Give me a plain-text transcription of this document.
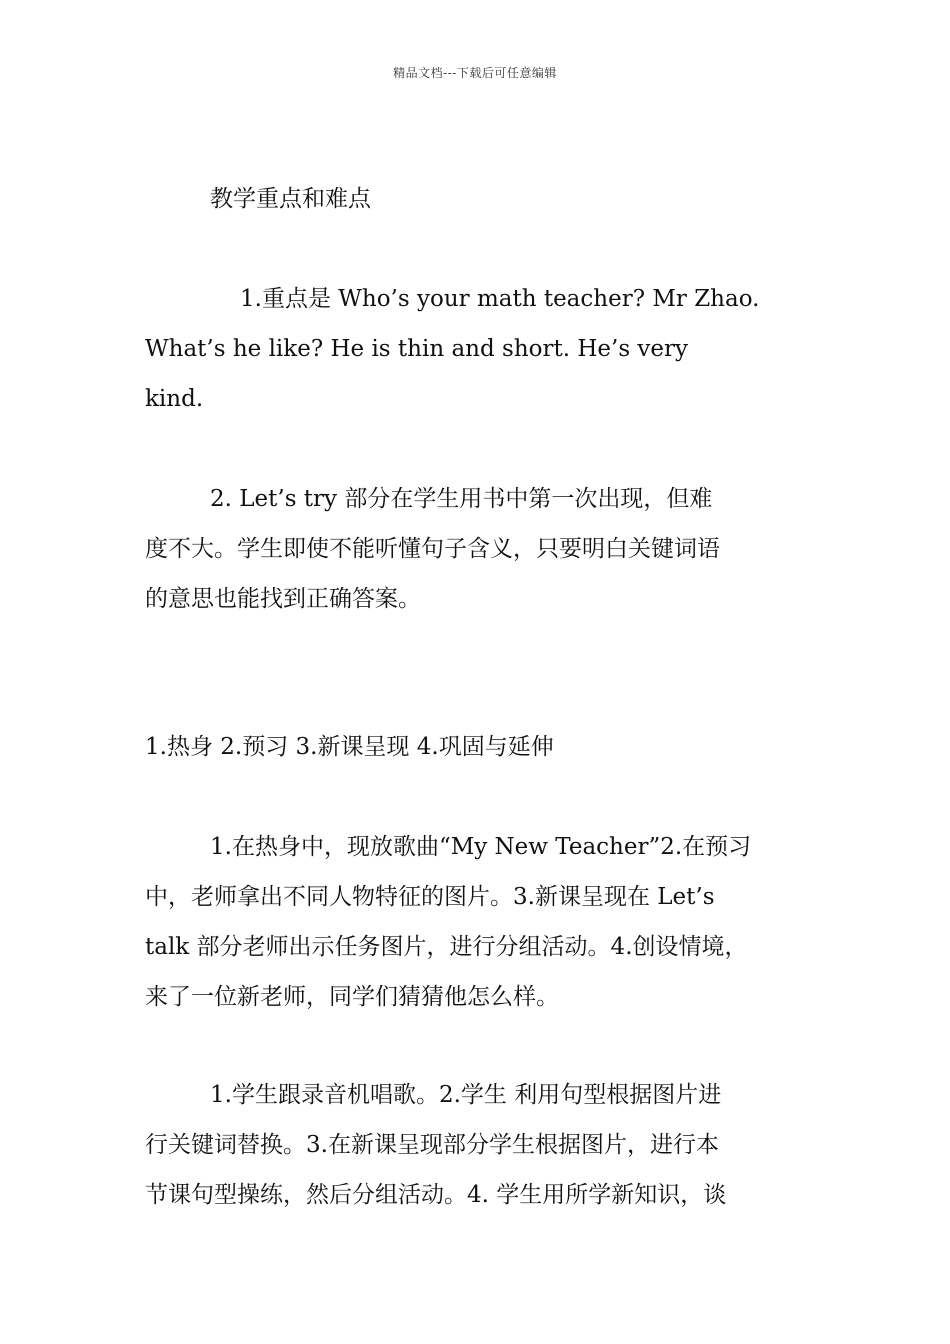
精品文档---下载后可任意编辑
教学重点和难点
1.重点是 Who’s your math teacher? Mr Zhao.
What’s he like? He is thin and short. He’s very
kind.
2. Let’s try 部分在学生用书中第一次出现，但难
度不大。学生即使不能听懂句子含义，只要明白关键词语
的意思也能找到正确答案。
1.热身 2.预习 3.新课呈现 4.巩固与延伸
1.在热身中，现放歌曲“My New Teacher”2.在预习
中，老师拿出不同人物特征的图片。3.新课呈现在 Let’s
talk 部分老师出示任务图片，进行分组活动。4.创设情境，
来了一位新老师，同学们猜猜他怎么样。
1.学生跟录音机唱歌。2.学生 利用句型根据图片进
行关键词替换。3.在新课呈现部分学生根据图片，进行本
节课句型操练，然后分组活动。4. 学生用所学新知识，谈
